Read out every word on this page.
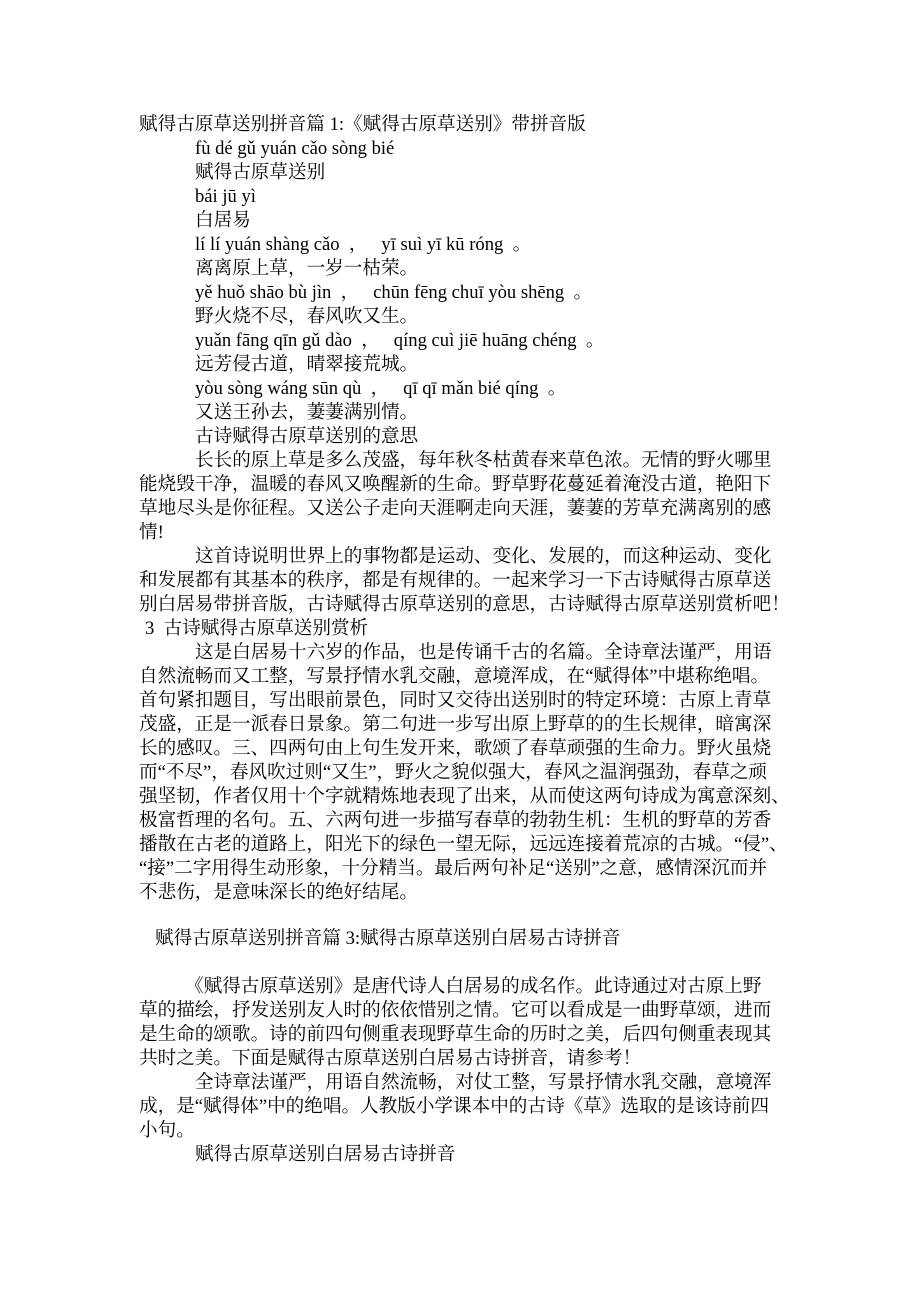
赋得古原草送别拼音篇 1:《赋得古原草送别》带拼音版
fù dé gǔ yuán cǎo sòng bié
赋得古原草送别
bái jū yì
白居易
lí lí yuán shàng cǎo  ，   yī suì yī kū róng  。
离离原上草，一岁一枯荣。
yě huǒ shāo bù jìn  ，   chūn fēng chuī yòu shēng  。
野火烧不尽，春风吹又生。
yuǎn fāng qīn gǔ dào  ，   qíng cuì jiē huāng chéng  。
远芳侵古道，晴翠接荒城。
yòu sòng wáng sūn qù  ，   qī qī mǎn bié qíng  。
又送王孙去，萋萋满别情。
古诗赋得古原草送别的意思
长长的原上草是多么茂盛，每年秋冬枯黄春来草色浓。无情的野火哪里
能烧毁干净，温暖的春风又唤醒新的生命。野草野花蔓延着淹没古道，艳阳下
草地尽头是你征程。又送公子走向天涯啊走向天涯，萋萋的芳草充满离别的感
情!
这首诗说明世界上的事物都是运动、变化、发展的，而这种运动、变化
和发展都有其基本的秩序，都是有规律的。一起来学习一下古诗赋得古原草送
别白居易带拼音版，古诗赋得古原草送别的意思，古诗赋得古原草送别赏析吧！
3  古诗赋得古原草送别赏析
这是白居易十六岁的作品，也是传诵千古的名篇。全诗章法谨严，用语
自然流畅而又工整，写景抒情水乳交融，意境浑成，在“赋得体”中堪称绝唱。
首句紧扣题目，写出眼前景色，同时又交待出送别时的特定环境：古原上青草
茂盛，正是一派春日景象。第二句进一步写出原上野草的的生长规律，暗寓深
长的感叹。三、四两句由上句生发开来，歌颂了春草顽强的生命力。野火虽烧
而“不尽”，春风吹过则“又生”，野火之貌似强大，春风之温润强劲，春草之顽
强坚韧，作者仅用十个字就精炼地表现了出来，从而使这两句诗成为寓意深刻、
极富哲理的名句。五、六两句进一步描写春草的勃勃生机：生机的野草的芳香
播散在古老的道路上，阳光下的绿色一望无际，远远连接着荒凉的古城。“侵”、
“接”二字用得生动形象，十分精当。最后两句补足“送别”之意，感情深沉而并
不悲伤，是意味深长的绝好结尾。
赋得古原草送别拼音篇 3:赋得古原草送别白居易古诗拼音
《赋得古原草送别》是唐代诗人白居易的成名作。此诗通过对古原上野
草的描绘，抒发送别友人时的依依惜别之情。它可以看成是一曲野草颂，进而
是生命的颂歌。诗的前四句侧重表现野草生命的历时之美，后四句侧重表现其
共时之美。下面是赋得古原草送别白居易古诗拼音，请参考！
全诗章法谨严，用语自然流畅，对仗工整，写景抒情水乳交融，意境浑
成，是“赋得体”中的绝唱。人教版小学课本中的古诗《草》选取的是该诗前四
小句。
赋得古原草送别白居易古诗拼音
